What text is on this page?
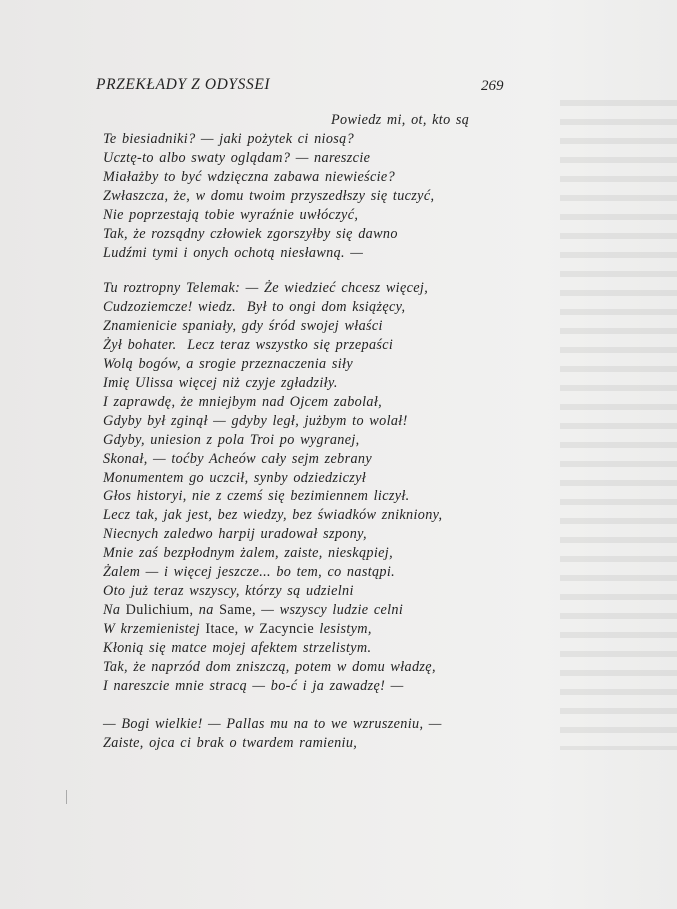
PRZEKŁADY Z ODYSSEI	269
Powiedz mi, ot, kto są
Te biesiadniki? — jaki pożytek ci niosą?
Ucztę-to albo swaty oglądam? — nareszcie
Miałażby to być wdzięczna zabawa niewieście?
Zwłaszcza, że, w domu twoim przyszedłszy się tuczyć,
Nie poprzestają tobie wyraźnie uwłóczyć,
Tak, że rozsądny człowiek zgorszyłby się dawno
Ludźmi tymi i onych ochotą niesławną. —
Tu roztropny Telemak: — Że wiedzieć chcesz więcej,
Cudzoziemcze! wiedz.  Był to ongi dom książęcy,
Znamienicie spaniały, gdy śród swojej właści
Żył bohater.  Lecz teraz wszystko się przepaści
Wolą bogów, a srogie przeznaczenia siły
Imię Ulissa więcej niż czyje zgładziły.
I zaprawdę, że mniejbym nad Ojcem zabolał,
Gdyby był zginął — gdyby legł, jużbym to wolał!
Gdyby, uniesion z pola Troi po wygranej,
Skonał, — toćby Acheów cały sejm zebrany
Monumentem go uczcił, synby odziedziczył
Głos historyi, nie z czemś się bezimiennem liczył.
Lecz tak, jak jest, bez wiedzy, bez świadków znikniony,
Niecnych zaledwo harpij uradował szpony,
Mnie zaś bezpłodnym żalem, zaiste, nieskąpiej,
Żalem — i więcej jeszcze... bo tem, co nastąpi.
Oto już teraz wszyscy, którzy są udzielni
Na Dulichium, na Same, — wszyscy ludzie celni
W krzemienistej Itace, w Zacyncie lesistym,
Kłonią się matce mojej afektem strzelistym.
Tak, że naprzód dom zniszczą, potem w domu władzę,
I nareszcie mnie stracą — bo-ć i ja zawadzę! —
— Bogi wielkie! — Pallas mu na to we wzruszeniu, —
Zaiste, ojca ci brak o twardem ramieniu,
